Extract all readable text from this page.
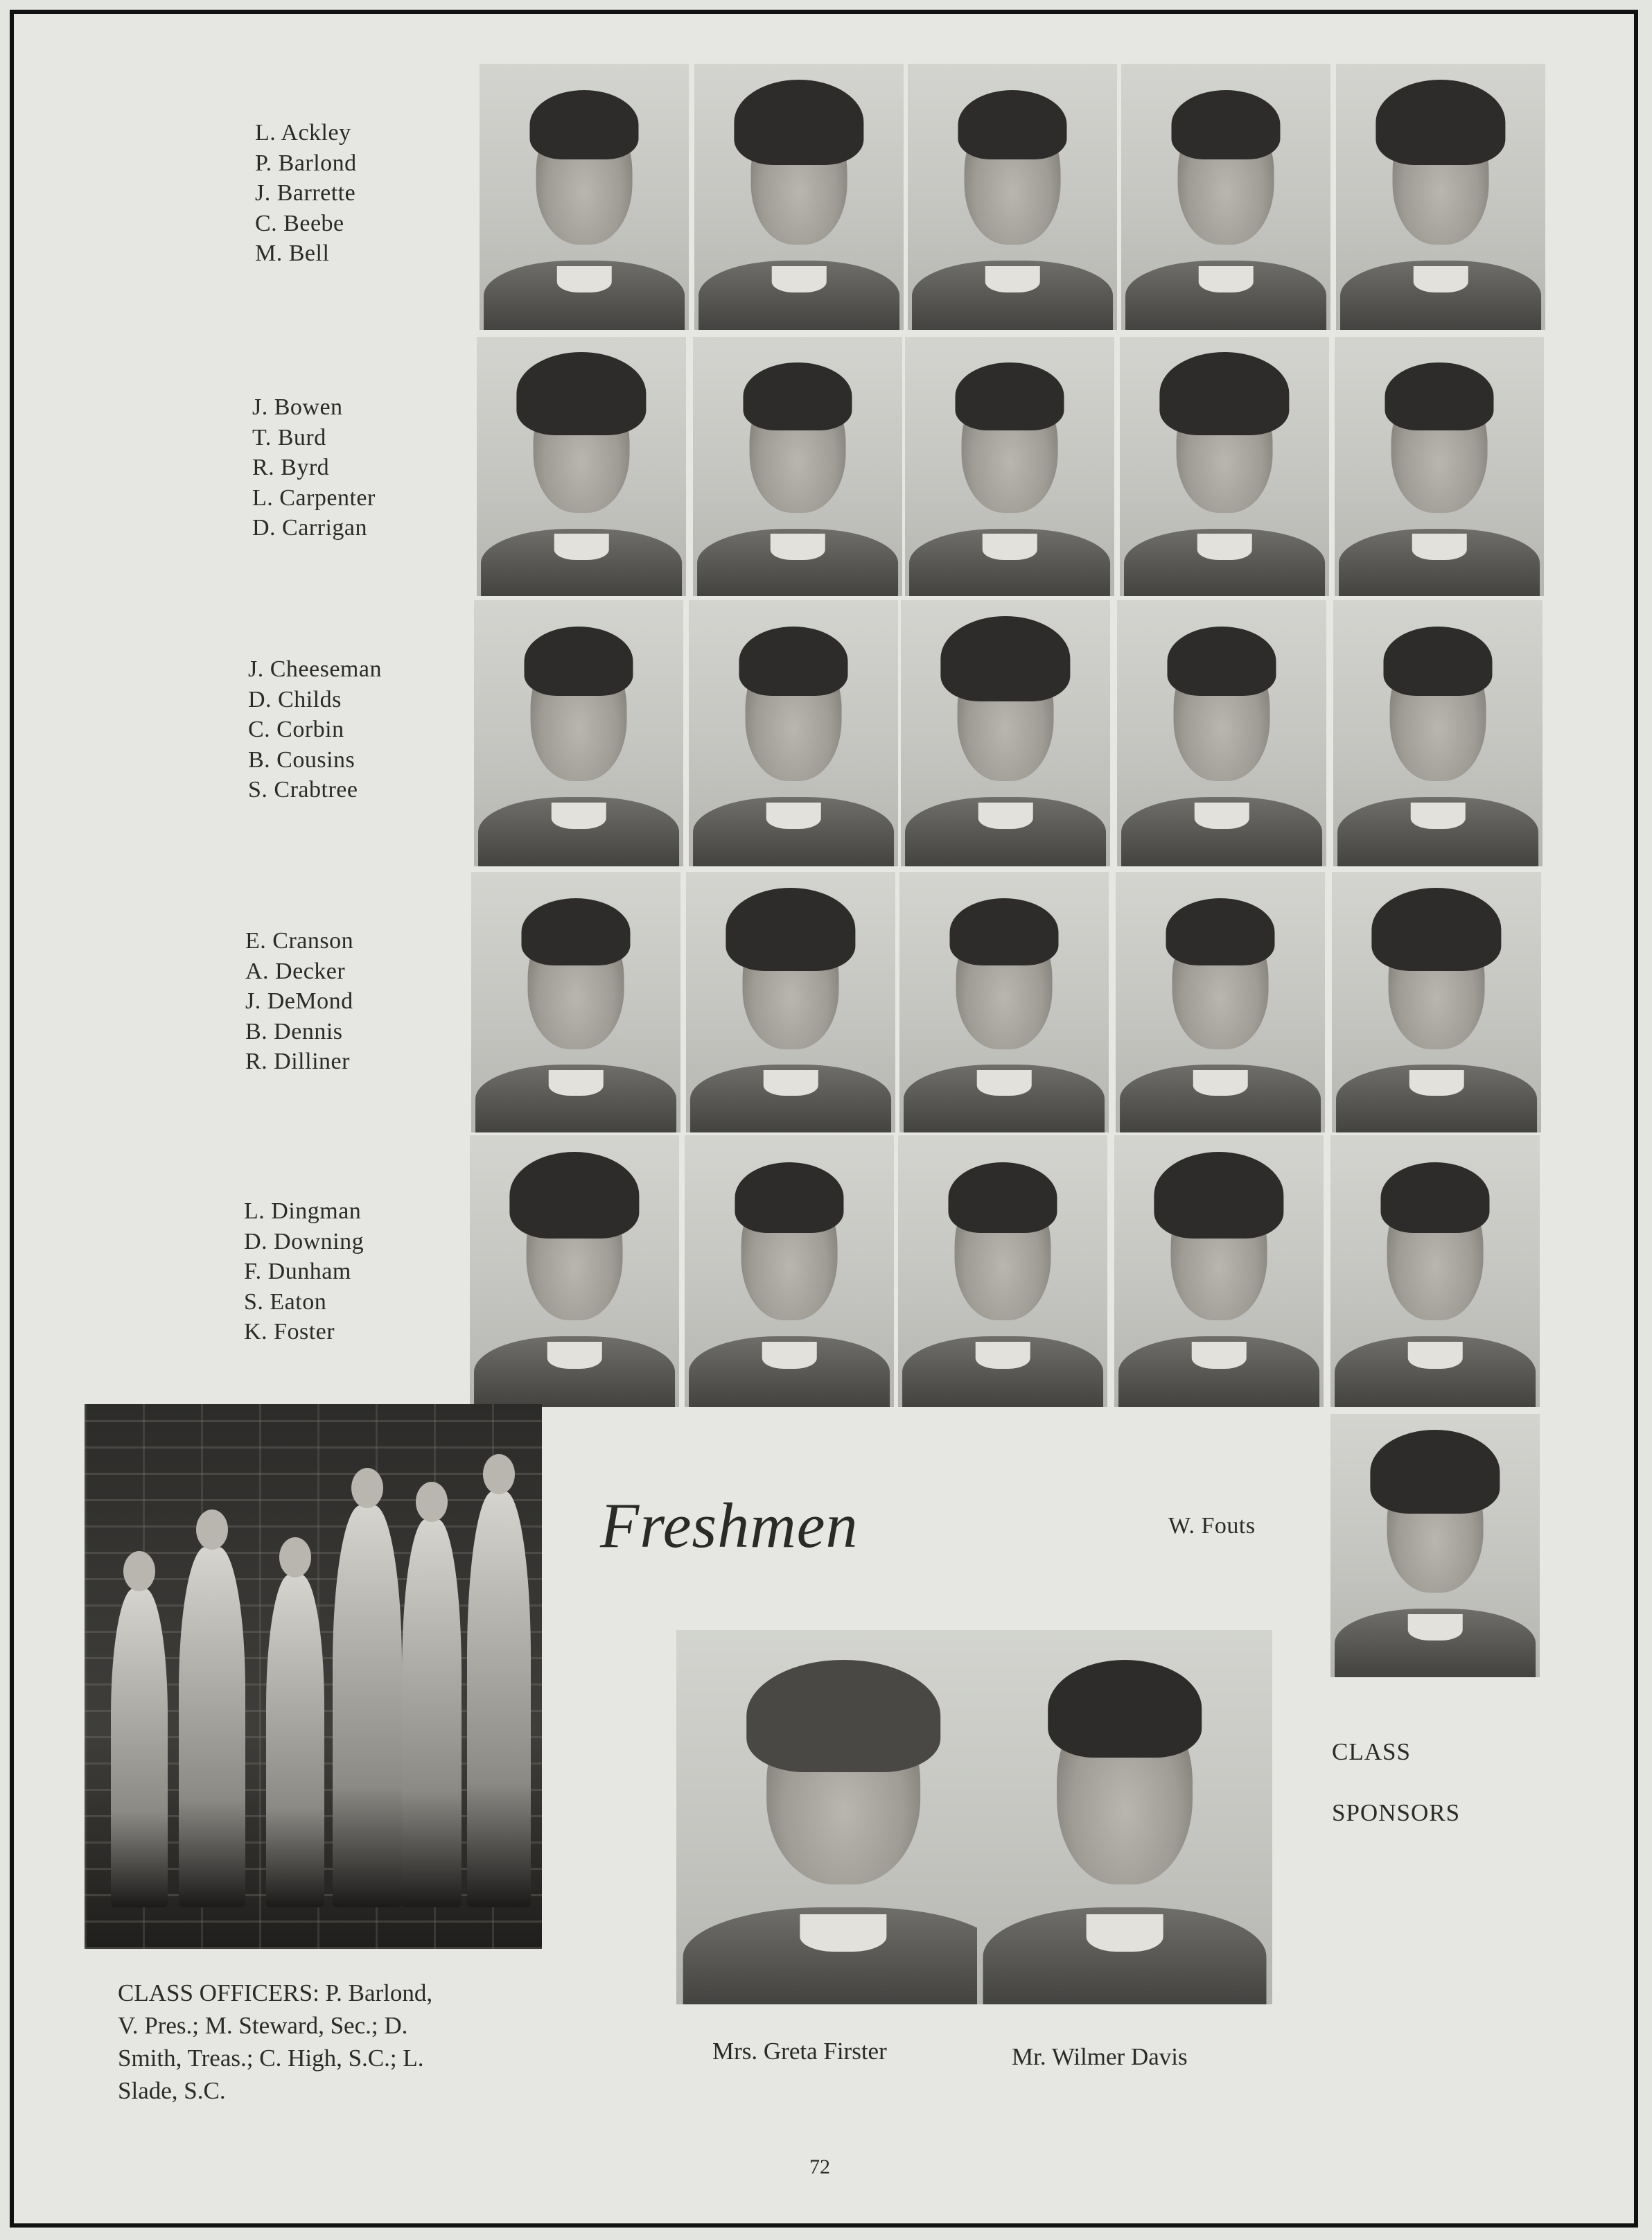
L. Ackley
P. Barlond
J. Barrette
C. Beebe
M. Bell
J. Bowen
T. Burd
R. Byrd
L. Carpenter
D. Carrigan
J. Cheeseman
D. Childs
C. Corbin
B. Cousins
S. Crabtree
E. Cranson
A. Decker
J. DeMond
B. Dennis
R. Dilliner
L. Dingman
D. Downing
F. Dunham
S. Eaton
K. Foster
W. Fouts
Freshmen
CLASS OFFICERS: P. Barlond,
V. Pres.; M. Steward, Sec.; D.
Smith, Treas.; C. High, S.C.; L.
Slade, S.C.
Mrs. Greta Firster	Mr. Wilmer Davis
CLASS
SPONSORS
72
